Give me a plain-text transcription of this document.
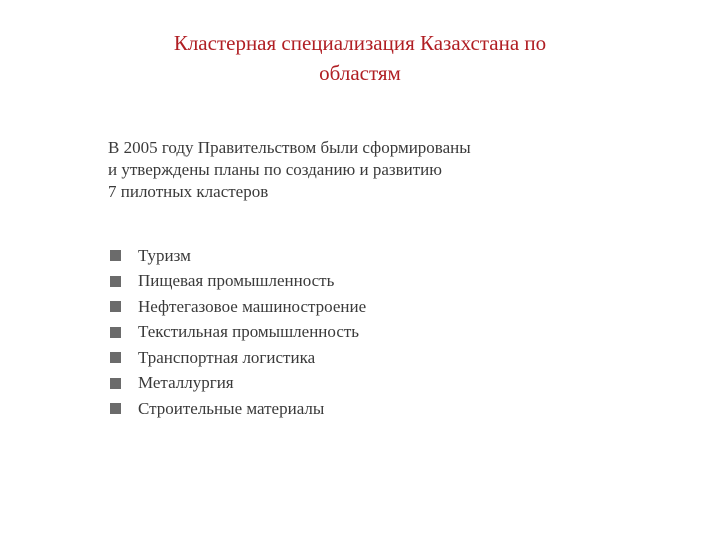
Кластерная специализация Казахстана по
областям
В 2005 году Правительством были сформированы
и утверждены планы по созданию и развитию
7 пилотных кластеров
Туризм
Пищевая промышленность
Нефтегазовое машиностроение
Текстильная промышленность
Транспортная логистика
Металлургия
Строительные материалы
